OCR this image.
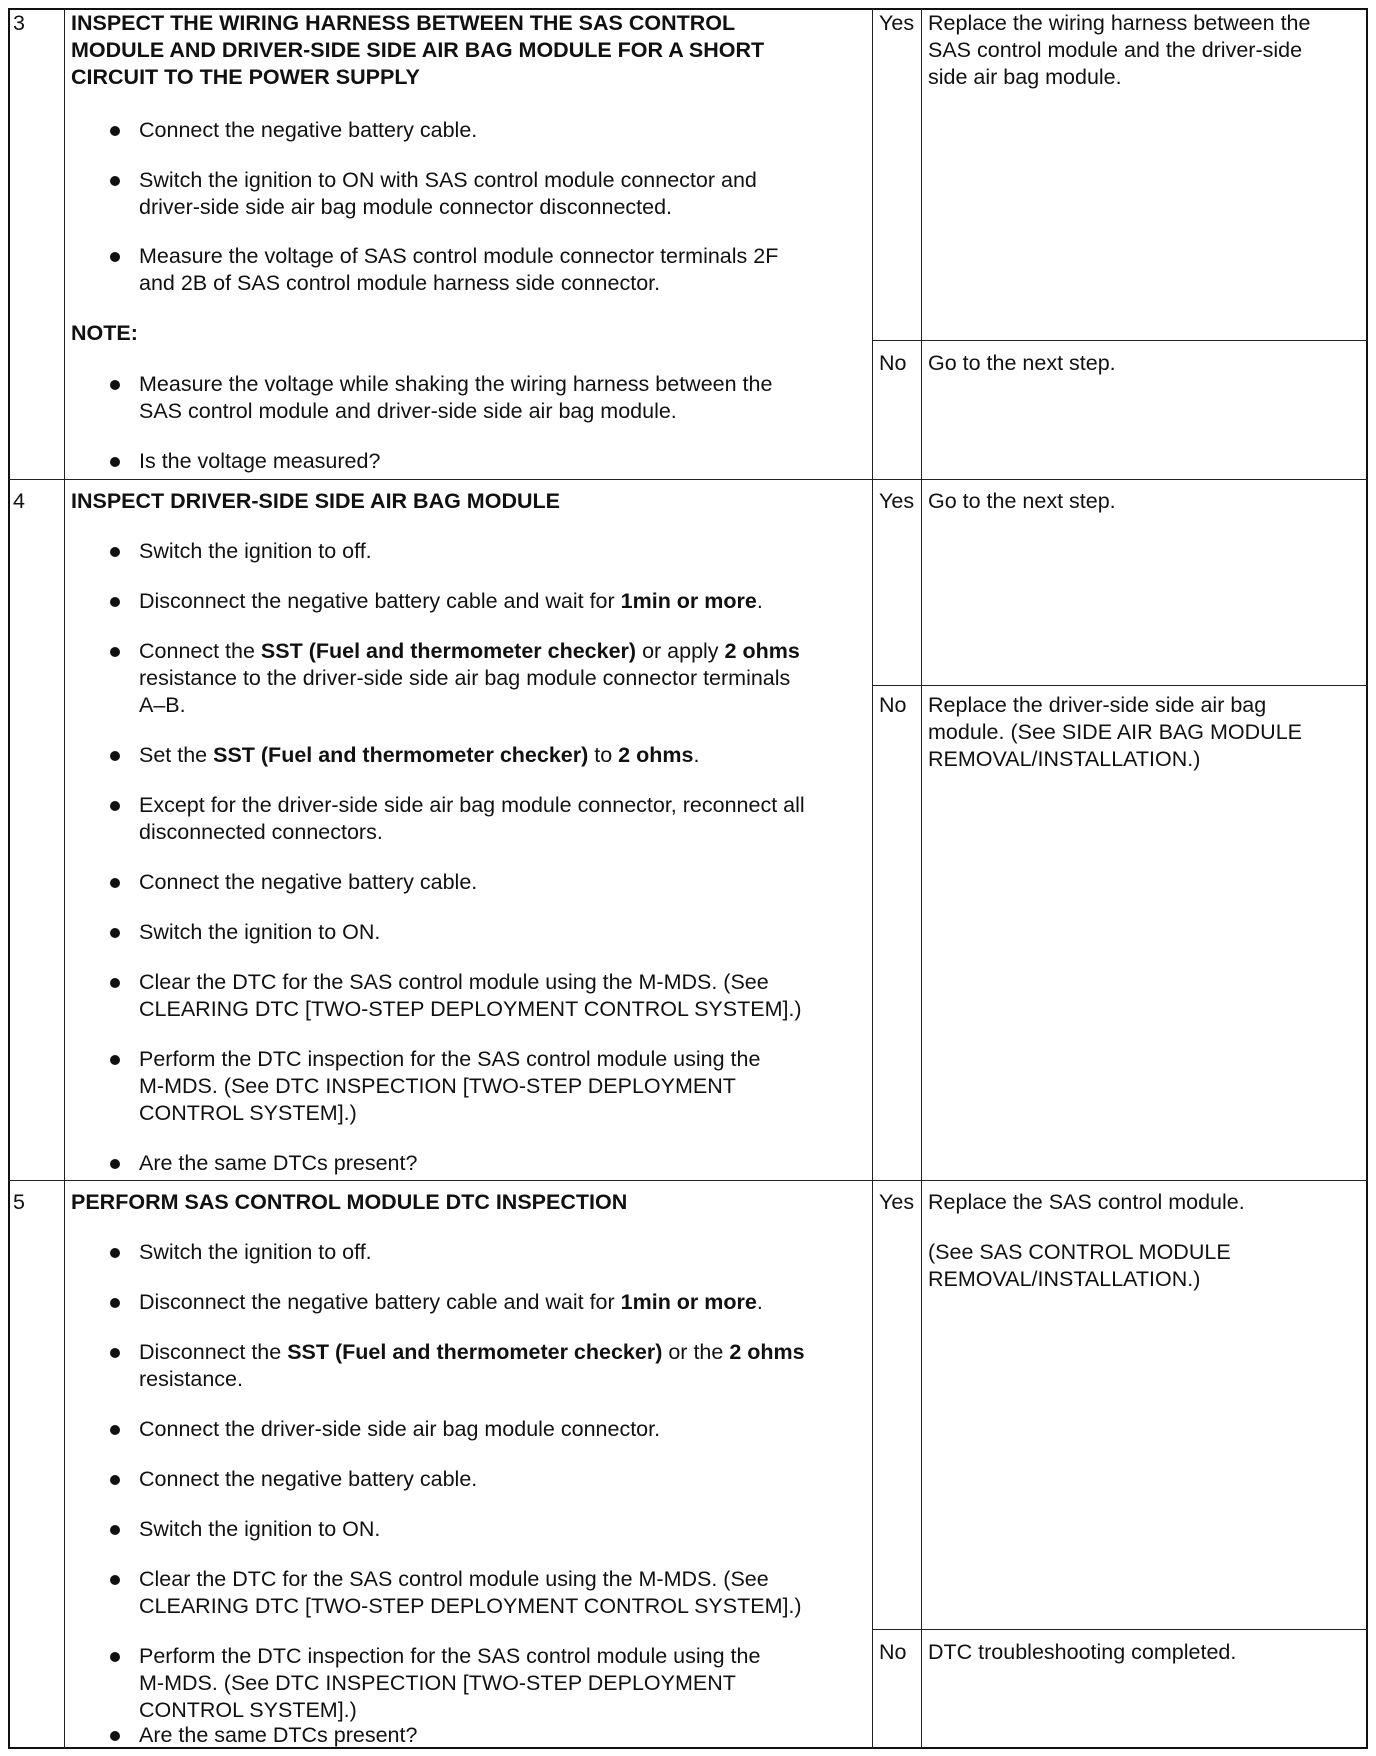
3 INSPECT THE WIRING HARNESS BETWEEN THE SAS CONTROL
MODULE AND DRIVER-SIDE SIDE AIR BAG MODULE FOR A SHORT
CIRCUIT TO THE POWER SUPPLY
Connect the negative battery cable.
Switch the ignition to ON with SAS control module connector and
driver-side side air bag module connector disconnected.
Measure the voltage of SAS control module connector terminals 2F
and 2B of SAS control module harness side connector.
NOTE:
Measure the voltage while shaking the wiring harness between the
SAS control module and driver-side side air bag module.
Is the voltage measured?
Yes Replace the wiring harness between the
SAS control module and the driver-side
side air bag module.
No Go to the next step.
4 INSPECT DRIVER-SIDE SIDE AIR BAG MODULE
Switch the ignition to off.
Disconnect the negative battery cable and wait for 1min or more.
Connect the SST (Fuel and thermometer checker) or apply 2 ohms
resistance to the driver-side side air bag module connector terminals
A–B.
Set the SST (Fuel and thermometer checker) to 2 ohms.
Except for the driver-side side air bag module connector, reconnect all
disconnected connectors.
Connect the negative battery cable.
Switch the ignition to ON.
Clear the DTC for the SAS control module using the M-MDS. (See
CLEARING DTC [TWO-STEP DEPLOYMENT CONTROL SYSTEM].)
Perform the DTC inspection for the SAS control module using the
M-MDS. (See DTC INSPECTION [TWO-STEP DEPLOYMENT
CONTROL SYSTEM].)
Are the same DTCs present?
Yes Go to the next step.
No Replace the driver-side side air bag
module. (See SIDE AIR BAG MODULE
REMOVAL/INSTALLATION.)
5 PERFORM SAS CONTROL MODULE DTC INSPECTION
Switch the ignition to off.
Disconnect the negative battery cable and wait for 1min or more.
Disconnect the SST (Fuel and thermometer checker) or the 2 ohms
resistance.
Connect the driver-side side air bag module connector.
Connect the negative battery cable.
Switch the ignition to ON.
Clear the DTC for the SAS control module using the M-MDS. (See
CLEARING DTC [TWO-STEP DEPLOYMENT CONTROL SYSTEM].)
Perform the DTC inspection for the SAS control module using the
M-MDS. (See DTC INSPECTION [TWO-STEP DEPLOYMENT
CONTROL SYSTEM].)
Are the same DTCs present?
Yes Replace the SAS control module.
(See SAS CONTROL MODULE
REMOVAL/INSTALLATION.)
No DTC troubleshooting completed.
